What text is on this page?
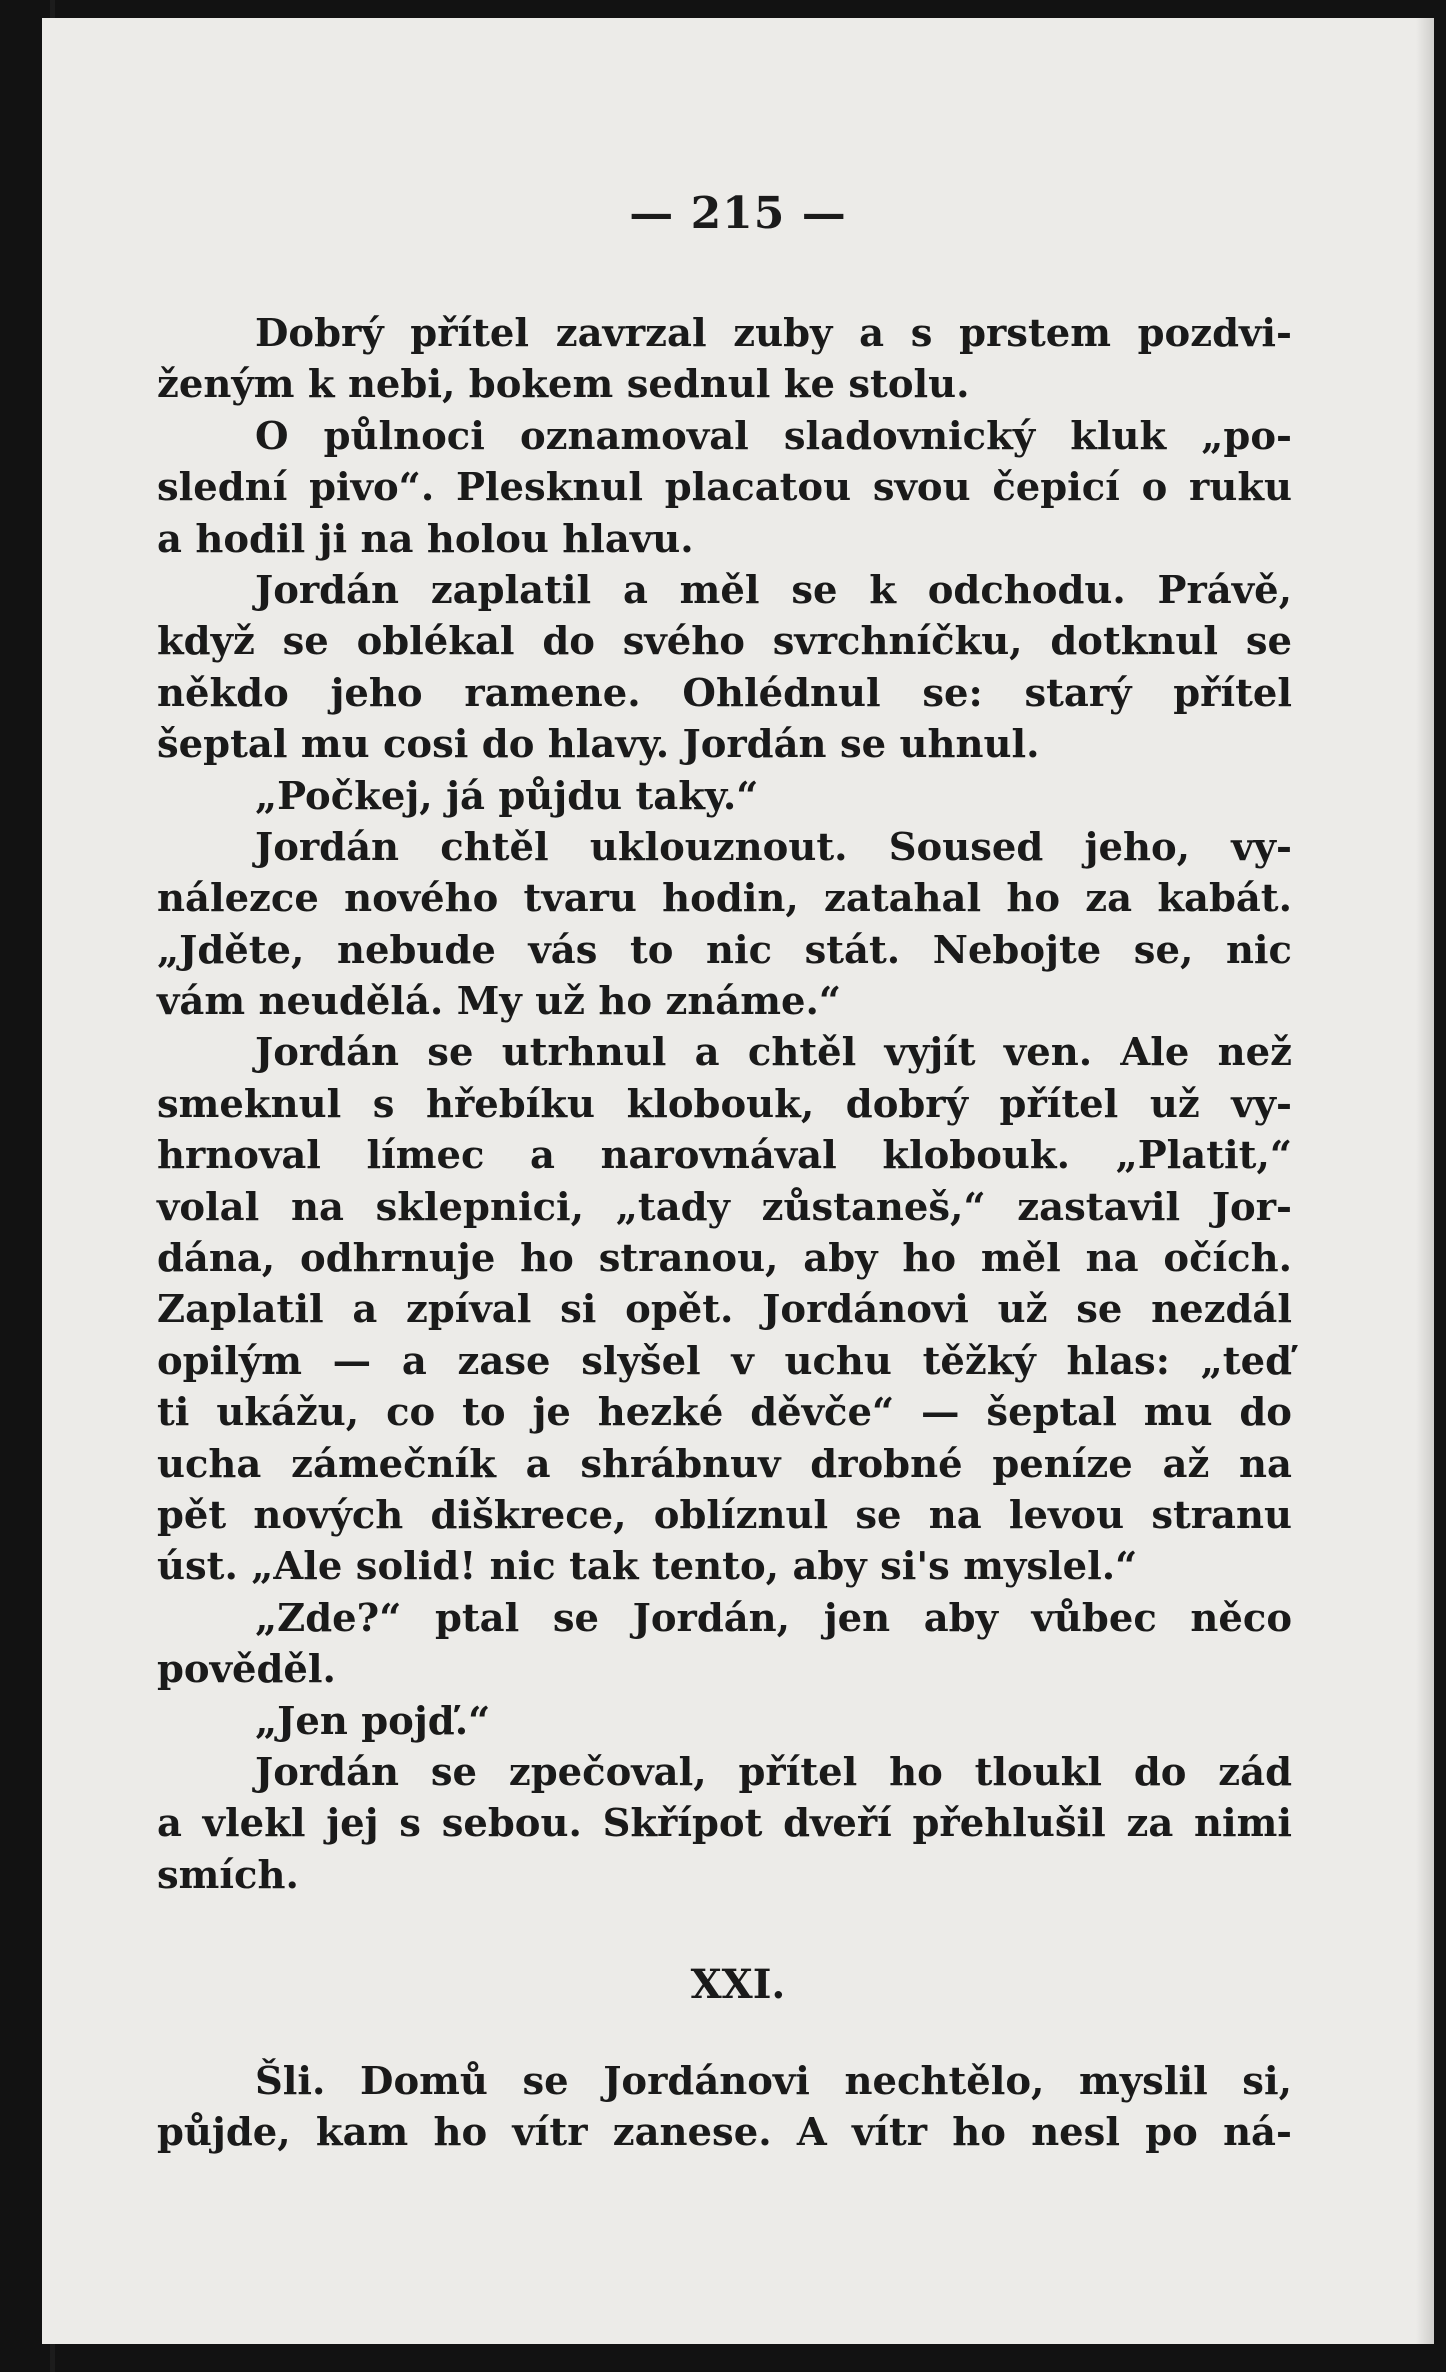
— 215 —
Dobrý přítel zavrzal zuby a s prstem pozdvi-
ženým k nebi, bokem sednul ke stolu.
O půlnoci oznamoval sladovnický kluk „po-
slední pivo“. Plesknul placatou svou čepicí o ruku
a hodil ji na holou hlavu.
Jordán zaplatil a měl se k odchodu. Právě,
když se oblékal do svého svrchníčku, dotknul se
někdo jeho ramene. Ohlédnul se: starý přítel
šeptal mu cosi do hlavy. Jordán se uhnul.
„Počkej, já půjdu taky.“
Jordán chtěl uklouznout. Soused jeho, vy-
nálezce nového tvaru hodin, zatahal ho za kabát.
„Jděte, nebude vás to nic stát. Nebojte se, nic
vám neudělá. My už ho známe.“
Jordán se utrhnul a chtěl vyjít ven. Ale než
smeknul s hřebíku klobouk, dobrý přítel už vy-
hrnoval límec a narovnával klobouk. „Platit,“
volal na sklepnici, „tady zůstaneš,“ zastavil Jor-
dána, odhrnuje ho stranou, aby ho měl na očích.
Zaplatil a zpíval si opět. Jordánovi už se nezdál
opilým — a zase slyšel v uchu těžký hlas: „teď
ti ukážu, co to je hezké děvče“ — šeptal mu do
ucha zámečník a shrábnuv drobné peníze až na
pět nových diškrece, oblíznul se na levou stranu
úst. „Ale solid! nic tak tento, aby si's myslel.“
„Zde?“ ptal se Jordán, jen aby vůbec něco
pověděl.
„Jen pojď.“
Jordán se zpečoval, přítel ho tloukl do zád
a vlekl jej s sebou. Skřípot dveří přehlušil za nimi
smích.
XXI.
Šli. Domů se Jordánovi nechtělo, myslil si,
půjde, kam ho vítr zanese. A vítr ho nesl po ná-
